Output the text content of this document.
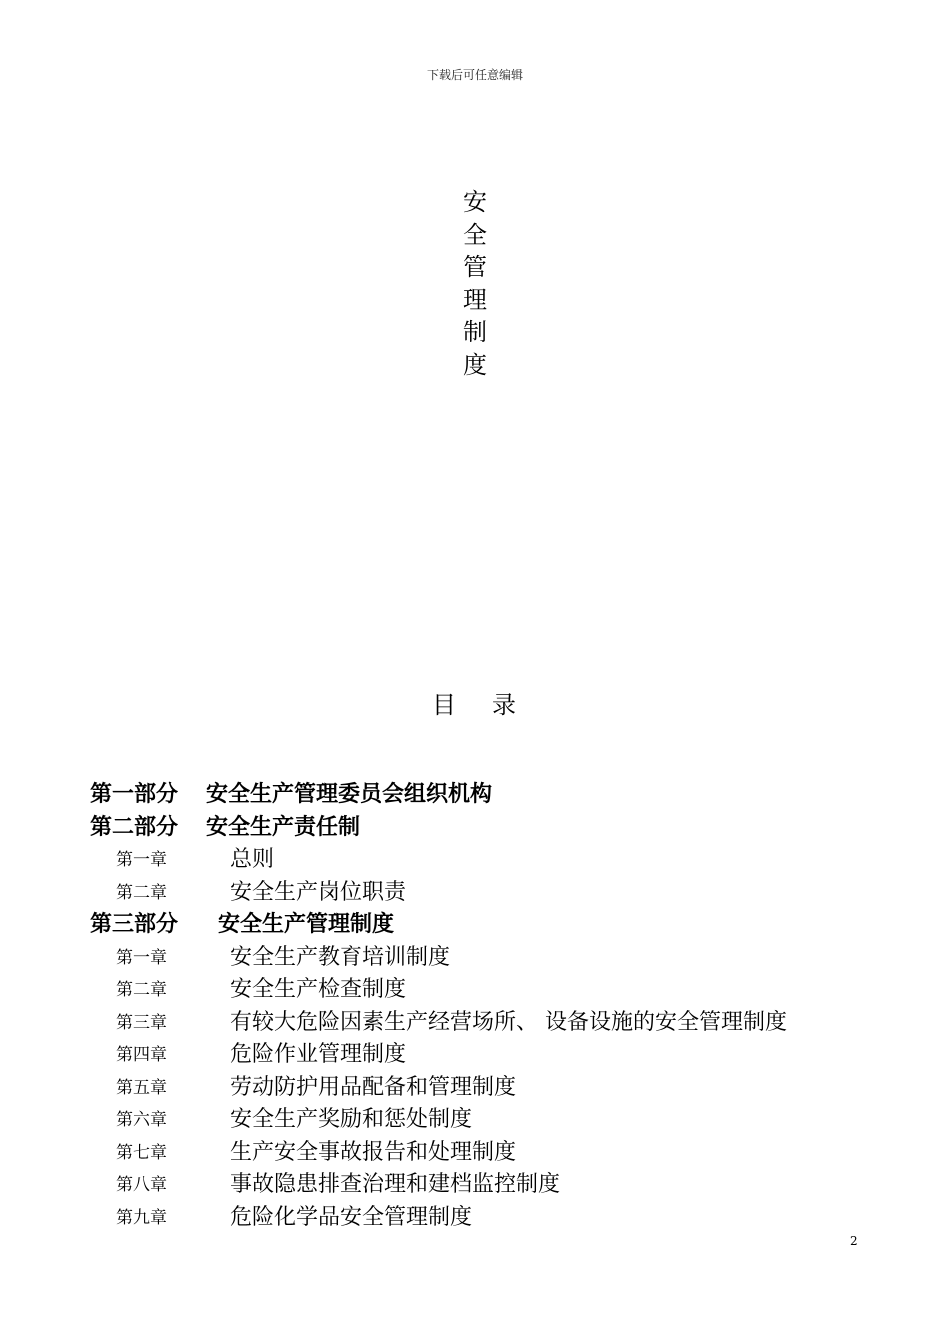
下载后可任意编辑
安
全
管
理
制
度
目 录
第一部分 安全生产管理委员会组织机构
第二部分 安全生产责任制
第一章	总则
第二章	安全生产岗位职责
第三部分 安全生产管理制度
第一章	安全生产教育培训制度
第二章	安全生产检查制度
第三章	有较大危险因素生产经营场所、 设备设施的安全管理制度
第四章	危险作业管理制度
第五章	劳动防护用品配备和管理制度
第六章	安全生产奖励和惩处制度
第七章	生产安全事故报告和处理制度
第八章	事故隐患排查治理和建档监控制度
第九章	危险化学品安全管理制度
2
